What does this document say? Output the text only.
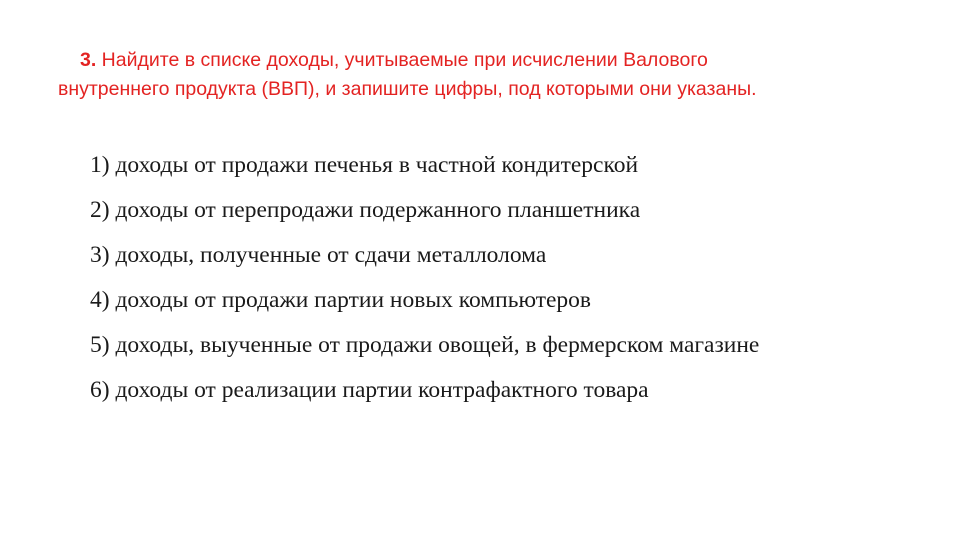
3. Найдите в списке доходы, учитываемые при исчислении Валового
внутреннего продукта (ВВП), и запишите цифры, под которыми они указаны.
1) доходы от продажи печенья в частной кондитерской
2) доходы от перепродажи подержанного планшетника
3) доходы, полученные от сдачи металлолома
4) доходы от продажи партии новых компьютеров
5) доходы, выученные от продажи овощей, в фермерском магазине
6) доходы от реализации партии контрафактного товара
